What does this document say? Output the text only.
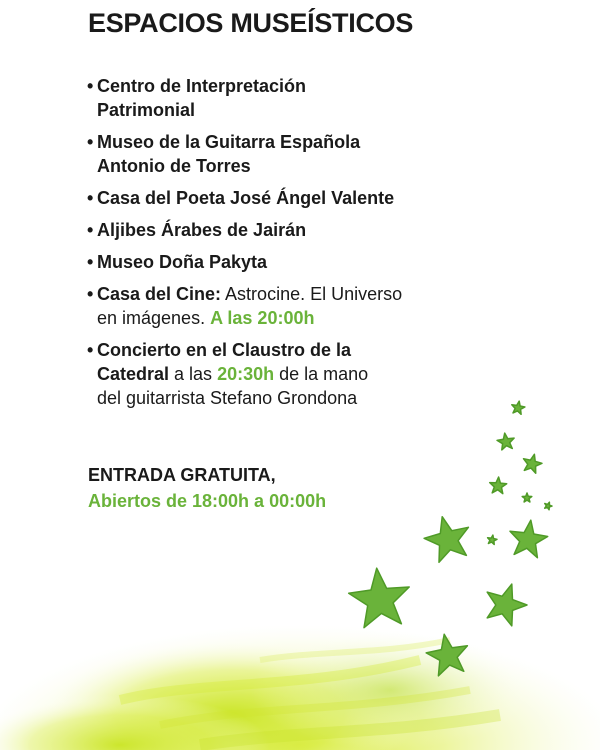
ESPACIOS MUSEÍSTICOS
• Centro de Interpretación
Patrimonial
• Museo de la Guitarra Española
Antonio de Torres
• Casa del Poeta José Ángel Valente
• Aljibes Árabes de Jairán
• Museo Doña Pakyta
• Casa del Cine: Astrocine. El Universo
en imágenes. A las 20:00h
• Concierto en el Claustro de la
Catedral a las 20:30h de la mano
del guitarrista Stefano Grondona
ENTRADA GRATUITA,
Abiertos de 18:00h a 00:00h
